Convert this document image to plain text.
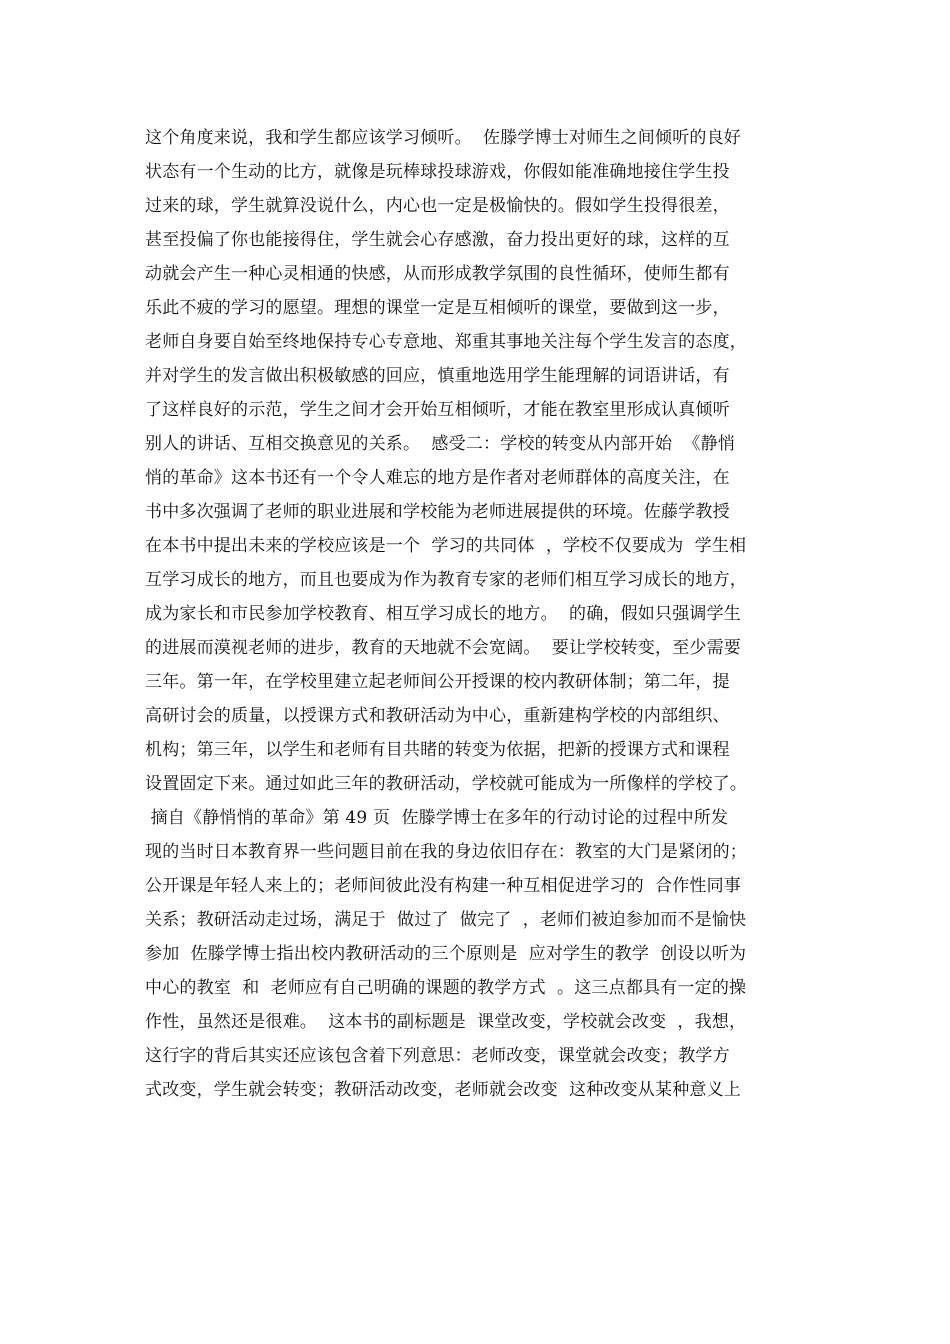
这个角度来说，我和学生都应该学习倾听。  佐滕学博士对师生之间倾听的良好
状态有一个生动的比方，就像是玩棒球投球游戏，你假如能准确地接住学生投
过来的球，学生就算没说什么，内心也一定是极愉快的。假如学生投得很差，
甚至投偏了你也能接得住，学生就会心存感激，奋力投出更好的球，这样的互
动就会产生一种心灵相通的快感，从而形成教学氛围的良性循环，使师生都有
乐此不疲的学习的愿望。理想的课堂一定是互相倾听的课堂，要做到这一步，
老师自身要自始至终地保持专心专意地、郑重其事地关注每个学生发言的态度，
并对学生的发言做出积极敏感的回应，慎重地选用学生能理解的词语讲话，有
了这样良好的示范，学生之间才会开始互相倾听，才能在教室里形成认真倾听
别人的讲话、互相交换意见的关系。  感受二：学校的转变从内部开始  《静悄
悄的革命》这本书还有一个令人难忘的地方是作者对老师群体的高度关注，在
书中多次强调了老师的职业进展和学校能为老师进展提供的环境。佐藤学教授
在本书中提出未来的学校应该是一个  学习的共同体  ，学校不仅要成为  学生相
互学习成长的地方，而且也要成为作为教育专家的老师们相互学习成长的地方，
成为家长和市民参加学校教育、相互学习成长的地方。  的确，假如只强调学生
的进展而漠视老师的进步，教育的天地就不会宽阔。  要让学校转变，至少需要
三年。第一年，在学校里建立起老师间公开授课的校内教研体制；第二年，提
高研讨会的质量，以授课方式和教研活动为中心，重新建构学校的内部组织、
机构；第三年，以学生和老师有目共睹的转变为依据，把新的授课方式和课程
设置固定下来。通过如此三年的教研活动，学校就可能成为一所像样的学校了。
摘自《静悄悄的革命》第 49 页  佐滕学博士在多年的行动讨论的过程中所发
现的当时日本教育界一些问题目前在我的身边依旧存在：教室的大门是紧闭的；
公开课是年轻人来上的；老师间彼此没有构建一种互相促进学习的  合作性同事
关系；教研活动走过场，满足于  做过了  做完了  ，老师们被迫参加而不是愉快
参加  佐滕学博士指出校内教研活动的三个原则是  应对学生的教学  创设以听为
中心的教室  和  老师应有自己明确的课题的教学方式  。这三点都具有一定的操
作性，虽然还是很难。  这本书的副标题是  课堂改变，学校就会改变  ，我想，
这行字的背后其实还应该包含着下列意思：老师改变，课堂就会改变；教学方
式改变，学生就会转变；教研活动改变，老师就会改变  这种改变从某种意义上
